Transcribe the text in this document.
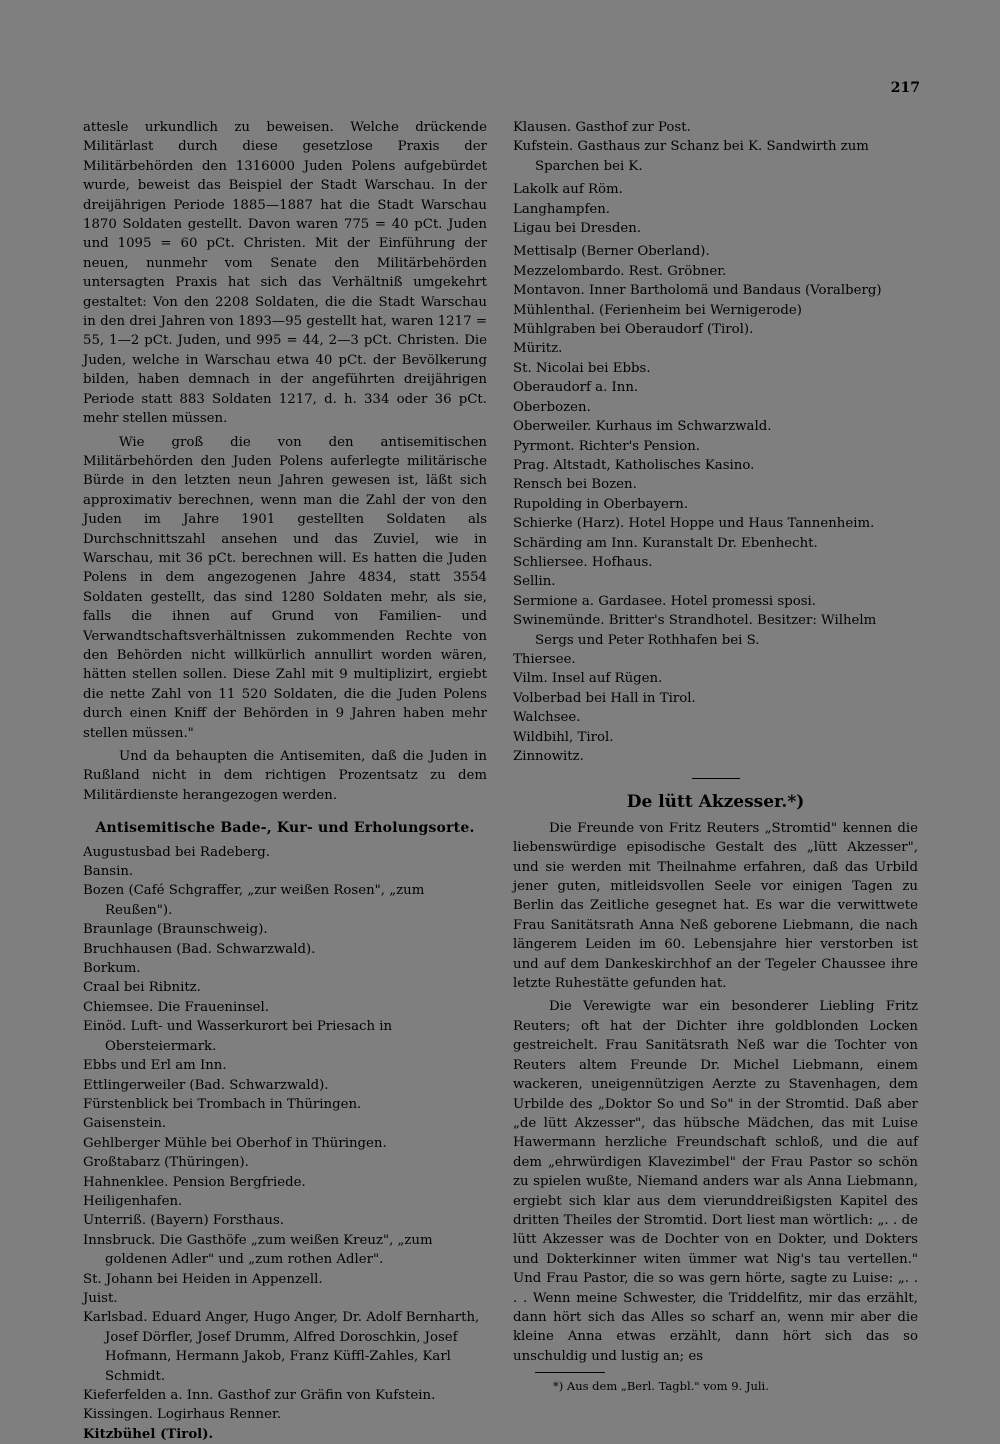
217

attesle urkundlich zu beweisen. Welche drückende Militärlast durch diese gesetzlose Praxis der Militärbehörden den 1316000 Juden Polens aufgebürdet wurde, beweist das Beispiel der Stadt Warschau. In der dreijährigen Periode 1885—1887 hat die Stadt Warschau 1870 Soldaten gestellt. Davon waren 775 = 40 pCt. Juden und 1095 = 60 pCt. Christen. Mit der Einführung der neuen, nunmehr vom Senate den Militärbehörden untersagten Praxis hat sich das Verhältniß umgekehrt gestaltet: Von den 2208 Soldaten, die die Stadt Warschau in den drei Jahren von 1893—95 gestellt hat, waren 1217 = 55, 1—2 pCt. Juden, und 995 = 44, 2—3 pCt. Christen. Die Juden, welche in Warschau etwa 40 pCt. der Bevölkerung bilden, haben demnach in der angeführten dreijährigen Periode statt 883 Soldaten 1217, d. h. 334 oder 36 pCt. mehr stellen müssen.

Wie groß die von den antisemitischen Militärbehörden den Juden Polens auferlegte militärische Bürde in den letzten neun Jahren gewesen ist, läßt sich approximativ berechnen, wenn man die Zahl der von den Juden im Jahre 1901 gestellten Soldaten als Durchschnittszahl ansehen und das Zuviel, wie in Warschau, mit 36 pCt. berechnen will. Es hatten die Juden Polens in dem angezogenen Jahre 4834, statt 3554 Soldaten gestellt, das sind 1280 Soldaten mehr, als sie, falls die ihnen auf Grund von Familien- und Verwandtschaftsverhältnissen zukommenden Rechte von den Behörden nicht willkürlich annullirt worden wären, hätten stellen sollen. Diese Zahl mit 9 multiplizirt, ergiebt die nette Zahl von 11 520 Soldaten, die die Juden Polens durch einen Kniff der Behörden in 9 Jahren haben mehr stellen müssen."

Und da behaupten die Antisemiten, daß die Juden in Rußland nicht in dem richtigen Prozentsatz zu dem Militärdienste herangezogen werden.

Antisemitische Bade-, Kur- und Erholungsorte.
Augustusbad bei Radeberg.
Bansin.
Bozen (Café Schgraffer, „zur weißen Rosen", „zum Reußen").
Braunlage (Braunschweig).
Bruchhausen (Bad. Schwarzwald).
Borkum.
Craal bei Ribnitz.
Chiemsee. Die Fraueninsel.
Einöd. Luft- und Wasserkurort bei Priesach in Obersteiermark.
Ebbs und Erl am Inn.
Ettlingerweiler (Bad. Schwarzwald).
Fürstenblick bei Trombach in Thüringen.
Gaisenstein.
Gehlberger Mühle bei Oberhof in Thüringen.
Großtabarz (Thüringen).
Hahnenklee. Pension Bergfriede.
Heiligenhafen.
Unterriß. (Bayern) Forsthaus.
Innsbruck. Die Gasthöfe „zum weißen Kreuz", „zum goldenen Adler" und „zum rothen Adler".
St. Johann bei Heiden in Appenzell.
Juist.
Karlsbad. Eduard Anger, Hugo Anger, Dr. Adolf Bernharth, Josef Dörfler, Josef Drumm, Alfred Doroschkin, Josef Hofmann, Hermann Jakob, Franz Küffl-Zahles, Karl Schmidt.
Kieferfelden a. Inn. Gasthof zur Gräfin von Kufstein.
Kissingen. Logirhaus Renner.
Kitzbühel (Tirol).
Klausen. Gasthof zur Post.
Kufstein. Gasthaus zur Schanz bei K. Sandwirth zum Sparchen bei K.
Lakolk auf Röm.
Langhampfen.
Ligau bei Dresden.
Mettisalp (Berner Oberland).
Mezzelombardo. Rest. Gröbner.
Montavon. Inner Bartholomä und Bandaus (Voralberg)
Mühlenthal. (Ferienheim bei Wernigerode)
Mühlgraben bei Oberaudorf (Tirol).
Müritz.
St. Nicolai bei Ebbs.
Oberaudorf a. Inn.
Oberbozen.
Oberweiler. Kurhaus im Schwarzwald.
Pyrmont. Richter's Pension.
Prag. Altstadt, Katholisches Kasino.
Rensch bei Bozen.
Rupolding in Oberbayern.
Schierke (Harz). Hotel Hoppe und Haus Tannenheim.
Schärding am Inn. Kuranstalt Dr. Ebenhecht.
Schliersee. Hofhaus.
Sellin.
Sermione a. Gardasee. Hotel promessi sposi.
Swinemünde. Britter's Strandhotel. Besitzer: Wilhelm Sergs und Peter Rothhafen bei S.
Thiersee.
Vilm. Insel auf Rügen.
Volberbad bei Hall in Tirol.
Walchsee.
Wildbihl, Tirol.
Zinnowitz.
De lütt Akzesser.*)

Die Freunde von Fritz Reuters „Stromtid" kennen die liebenswürdige episodische Gestalt des „lütt Akzesser", und sie werden mit Theilnahme erfahren, daß das Urbild jener guten, mitleidsvollen Seele vor einigen Tagen zu Berlin das Zeitliche gesegnet hat. Es war die verwittwete Frau Sanitätsrath Anna Neß geborene Liebmann, die nach längerem Leiden im 60. Lebensjahre hier verstorben ist und auf dem Dankeskirchhof an der Tegeler Chaussee ihre letzte Ruhestätte gefunden hat.

Die Verewigte war ein besonderer Liebling Fritz Reuters; oft hat der Dichter ihre goldblonden Locken gestreichelt. Frau Sanitätsrath Neß war die Tochter von Reuters altem Freunde Dr. Michel Liebmann, einem wackeren, uneigennützigen Aerzte zu Stavenhagen, dem Urbilde des „Doktor So und So" in der Stromtid. Daß aber „de lütt Akzesser", das hübsche Mädchen, das mit Luise Hawermann herzliche Freundschaft schloß, und die auf dem „ehrwürdigen Klavezimbel" der Frau Pastor so schön zu spielen wußte, Niemand anders war als Anna Liebmann, ergiebt sich klar aus dem vierunddreißigsten Kapitel des dritten Theiles der Stromtid. Dort liest man wörtlich: „. . de lütt Akzesser was de Dochter von en Dokter, und Dokters und Dokterkinner witen ümmer wat Nig's tau vertellen." Und Frau Pastor, die so was gern hörte, sagte zu Luise: „. . . . Wenn meine Schwester, die Triddelfitz, mir das erzählt, dann hört sich das Alles so scharf an, wenn mir aber die kleine Anna etwas erzählt, dann hört sich das so unschuldig und lustig an; es

*) Aus dem „Berl. Tagbl." vom 9. Juli.
